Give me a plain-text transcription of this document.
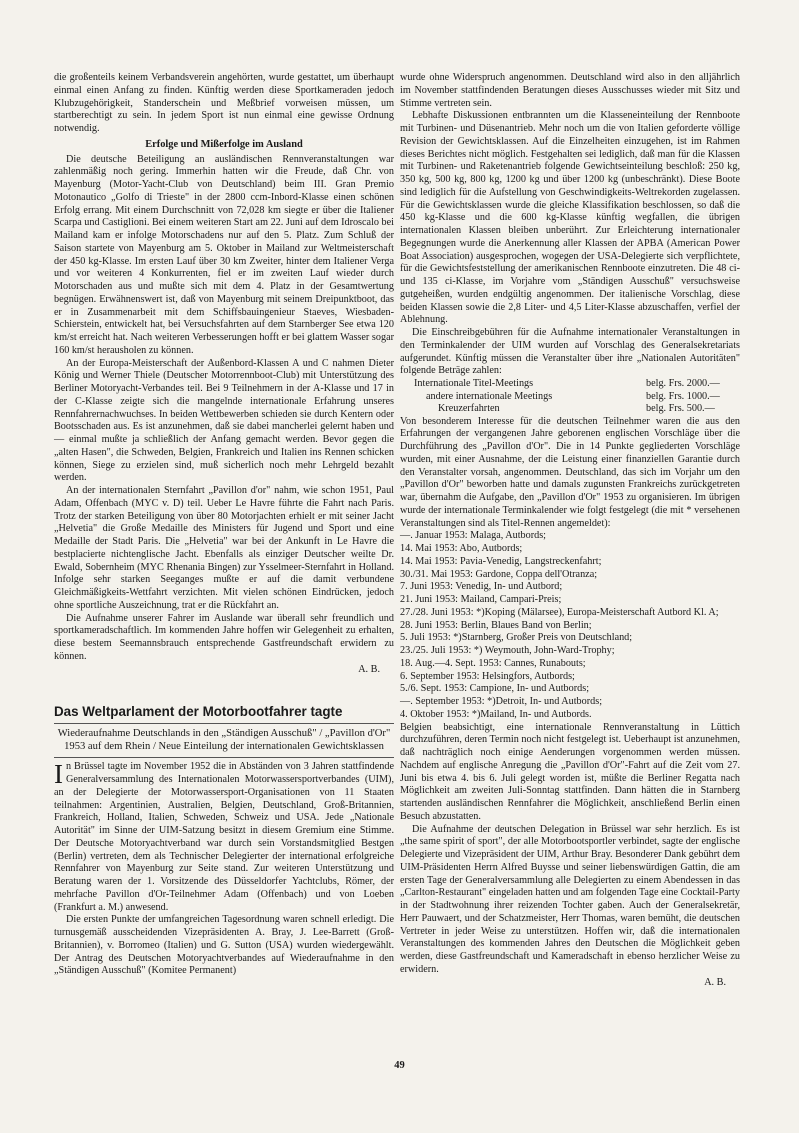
die großenteils keinem Verbandsverein angehörten, wurde gestattet, um überhaupt einmal einen Anfang zu finden. Künftig werden diese Sportkameraden jedoch Klubzugehörigkeit, Standerschein und Meßbrief vorweisen müssen, um startberechtigt zu sein. In jedem Sport ist nun einmal eine gewisse Ordnung notwendig.

Erfolge und Mißerfolge im Ausland

Die deutsche Beteiligung an ausländischen Rennveranstaltungen war zahlenmäßig noch gering. Immerhin hatten wir die Freude, daß Chr. von Mayenburg (Motor-Yacht-Club von Deutschland) beim III. Gran Premio Motonautico „Golfo di Trieste" in der 2800 ccm-Inbord-Klasse einen schönen Erfolg errang. Mit einem Durchschnitt von 72,028 km siegte er über die Italiener Scarpa und Castiglioni. Bei einem weiteren Start am 22. Juni auf dem Idroscalo bei Mailand kam er infolge Motorschadens nur auf den 5. Platz. Zum Schluß der Saison startete von Mayenburg am 5. Oktober in Mailand zur Weltmeisterschaft der 450 kg-Klasse. Im ersten Lauf über 30 km Zweiter, hinter dem Italiener Verga und vor weiteren 4 Konkurrenten, fiel er im zweiten Lauf wieder durch Motorschaden aus und mußte sich mit dem 4. Platz in der Gesamtwertung begnügen. Erwähnenswert ist, daß von Mayenburg mit seinem Dreipunktboot, das er in Zusammenarbeit mit dem Schiffsbauingenieur Staeves, Wiesbaden-Schierstein, entwickelt hat, bei Versuchsfahrten auf dem Starnberger See etwa 120 km/st erreicht hat. Nach weiteren Verbesserungen hofft er bei glattem Wasser sogar 160 km/st herausholen zu können.

An der Europa-Meisterschaft der Außenbord-Klassen A und C nahmen Dieter König und Werner Thiele (Deutscher Motorrennboot-Club) mit Unterstützung des Berliner Motoryacht-Verbandes teil. Bei 9 Teilnehmern in der A-Klasse und 17 in der C-Klasse zeigte sich die mangelnde internationale Erfahrung unseres Rennfahrernachwuchses. In beiden Wettbewerben schieden sie durch Kentern oder Bootsschaden aus. Es ist anzunehmen, daß sie dabei mancherlei gelernt haben und — einmal mußte ja schließlich der Anfang gemacht werden. Bevor gegen die „alten Hasen", die Schweden, Belgien, Frankreich und Italien ins Rennen schicken können, Siege zu erzielen sind, muß sicherlich noch mehr Lehrgeld bezahlt werden.

An der internationalen Sternfahrt „Pavillon d'or" nahm, wie schon 1951, Paul Adam, Offenbach (MYC v. D) teil. Ueber Le Havre führte die Fahrt nach Paris. Trotz der starken Beteiligung von über 80 Motorjachten erhielt er mit seiner Jacht „Helvetia" die Große Medaille des Ministers für Jugend und Sport und eine Medaille der Stadt Paris. Die „Helvetia" war bei der Ankunft in Le Havre die bestplacierte nichtenglische Jacht. Ebenfalls als einziger Deutscher weilte Dr. Ewald, Sobernheim (MYC Rhenania Bingen) zur Ysselmeer-Sternfahrt in Holland. Infolge sehr starken Seeganges mußte er auf die damit verbundene Gleichmäßigkeits-Wettfahrt verzichten. Mit vielen schönen Eindrücken, jedoch ohne sportliche Auszeichnung, trat er die Rückfahrt an.

Die Aufnahme unserer Fahrer im Auslande war überall sehr freundlich und sportkameradschaftlich. Im kommenden Jahre hoffen wir Gelegenheit zu erhalten, diese bestem Seemannsbrauch entsprechende Gastfreundschaft erwidern zu können.

A. B.

Das Weltparlament der Motorbootfahrer tagte

Wiederaufnahme Deutschlands in den „Ständigen Ausschuß" / „Pavillon d'Or" 1953 auf dem Rhein / Neue Einteilung der internationalen Gewichtsklassen

In Brüssel tagte im November 1952 die in Abständen von 3 Jahren stattfindende Generalversammlung des Internationalen Motorwassersportverbandes (UIM), an der Delegierte der Motorwassersport-Organisationen von 11 Staaten teilnahmen: Argentinien, Australien, Belgien, Deutschland, Groß-Britannien, Frankreich, Holland, Italien, Schweden, Schweiz und USA. Jede „Nationale Autorität" im Sinne der UIM-Satzung besitzt in diesem Gremium eine Stimme. Der Deutsche Motoryachtverband war durch sein Vorstandsmitglied Bestgen (Berlin) vertreten, dem als Technischer Delegierter der international erfolgreiche Rennfahrer von Mayenburg zur Seite stand. Zur weiteren Unterstützung und Beratung waren der 1. Vorsitzende des Düsseldorfer Yachtclubs, Römer, der mehrfache Pavillon d'Or-Teilnehmer Adam (Offenbach) und von Loeben (Frankfurt a. M.) anwesend.

Die ersten Punkte der umfangreichen Tagesordnung waren schnell erledigt. Die turnusgemäß ausscheidenden Vizepräsidenten A. Bray, J. Lee-Barrett (Groß-Britannien), v. Borromeo (Italien) und G. Sutton (USA) wurden wiedergewählt. Der Antrag des Deutschen Motoryachtverbandes auf Wiederaufnahme in den „Ständigen Ausschuß" (Komitee Permanent)

wurde ohne Widerspruch angenommen. Deutschland wird also in den alljährlich im November stattfindenden Beratungen dieses Ausschusses wieder mit Sitz und Stimme vertreten sein.

Lebhafte Diskussionen entbrannten um die Klasseneinteilung der Rennboote mit Turbinen- und Düsenantrieb. Mehr noch um die von Italien geforderte völlige Revision der Gewichtsklassen. Auf die Einzelheiten einzugehen, ist im Rahmen dieses Berichtes nicht möglich. Festgehalten sei lediglich, daß man für die Klassen mit Turbinen- und Raketenantrieb folgende Gewichtseinteilung beschloß: 250 kg, 350 kg, 500 kg, 800 kg, 1200 kg und über 1200 kg (unbeschränkt). Diese Boote sind lediglich für die Aufstellung von Geschwindigkeits-Weltrekorden zugelassen. Für die Gewichtsklassen wurde die gleiche Klassifikation beschlossen, so daß die 450 kg-Klasse und die 600 kg-Klasse künftig wegfallen, die übrigen internationalen Klassen bleiben unberührt. Zur Erleichterung internationaler Begegnungen wurde die Anerkennung aller Klassen der APBA (American Power Boat Association) ausgesprochen, wogegen der USA-Delegierte sich verpflichtete, für die Gewichtsfeststellung der amerikanischen Rennboote einzutreten. Die 48 ci- und 135 ci-Klasse, im Vorjahre vom „Ständigen Ausschuß" versuchsweise gutgeheißen, wurden endgültig angenommen. Der italienische Vorschlag, diese beiden Klassen sowie die 2,8 Liter- und 4,5 Liter-Klasse abzuschaffen, verfiel der Ablehnung.

Die Einschreibgebühren für die Aufnahme internationaler Veranstaltungen in den Terminkalender der UIM wurden auf Vorschlag des Generalsekretariats aufgerundet. Künftig müssen die Veranstalter über ihre „Nationalen Autoritäten" folgende Beträge zahlen:

Internationale Titel-Meetings	belg. Frs. 2000.—
andere internationale Meetings	belg. Frs. 1000.—
Kreuzerfahrten	belg. Frs. 500.—

Von besonderem Interesse für die deutschen Teilnehmer waren die aus den Erfahrungen der vergangenen Jahre geborenen englischen Vorschläge über die Durchführung des „Pavillon d'Or". Die in 14 Punkte gegliederten Vorschläge wurden, mit einer Ausnahme, der die Leistung einer finanziellen Garantie durch den Veranstalter vorsah, angenommen. Deutschland, das sich im Vorjahr um den „Pavillon d'Or" beworben hatte und damals zugunsten Frankreichs zurückgetreten war, übernahm die Aufgabe, den „Pavillon d'Or" 1953 zu organisieren. Im übrigen wurde der internationale Terminkalender wie folgt festgelegt (die mit * versehenen Veranstaltungen sind als Titel-Rennen angemeldet):

—. Januar 1953: Malaga, Autbords;
14. Mai 1953: Abo, Autbords;
14. Mai 1953: Pavia-Venedig, Langstreckenfahrt;
30./31. Mai 1953: Gardone, Coppa dell'Otranza;
7. Juni 1953: Venedig, In- und Autbord;
21. Juni 1953: Mailand, Campari-Preis;
27./28. Juni 1953: *)Koping (Mälarsee), Europa-Meisterschaft Autbord Kl. A;
28. Juni 1953: Berlin, Blaues Band von Berlin;
5. Juli 1953: *)Starnberg, Großer Preis von Deutschland;
23./25. Juli 1953: *) Weymouth, John-Ward-Trophy;
18. Aug.—4. Sept. 1953: Cannes, Runabouts;
6. September 1953: Helsingfors, Autbords;
5./6. Sept. 1953: Campione, In- und Autbords;
—. September 1953: *)Detroit, In- und Autbords;
4. Oktober 1953: *)Mailand, In- und Autbords.

Belgien beabsichtigt, eine internationale Rennveranstaltung in Lüttich durchzuführen, deren Termin noch nicht festgelegt ist. Ueberhaupt ist anzunehmen, daß nachträglich noch einige Aenderungen vorgenommen werden müssen. Nachdem auf englische Anregung die „Pavillon d'Or"-Fahrt auf die Zeit vom 27. Juni bis etwa 4. bis 6. Juli gelegt worden ist, müßte die Berliner Regatta nach Möglichkeit am zweiten Juli-Sonntag stattfinden. Dann hätten die in Starnberg startenden ausländischen Rennfahrer die Möglichkeit, anschließend Berlin einen Besuch abzustatten.

Die Aufnahme der deutschen Delegation in Brüssel war sehr herzlich. Es ist „the same spirit of sport", der alle Motorbootsportler verbindet, sagte der englische Delegierte und Vizepräsident der UIM, Arthur Bray. Besonderer Dank gebührt dem UIM-Präsidenten Herrn Alfred Buysse und seiner liebenswürdigen Gattin, die am ersten Tage der Generalversammlung alle Delegierten zu einem Abendessen in das „Carlton-Restaurant" eingeladen hatten und am folgenden Tage eine Cocktail-Party in der Stadtwohnung ihrer reizenden Tochter gaben. Auch der Generalsekretär, Herr Pauwaert, und der Schatzmeister, Herr Thomas, waren bemüht, die deutschen Vertreter in jeder Weise zu unterstützen. Hoffen wir, daß die internationalen Veranstaltungen des kommenden Jahres den Deutschen die Möglichkeit geben werden, diese Gastfreundschaft und Kameradschaft in ebenso herzlicher Weise zu erwidern.

A. B.

49
